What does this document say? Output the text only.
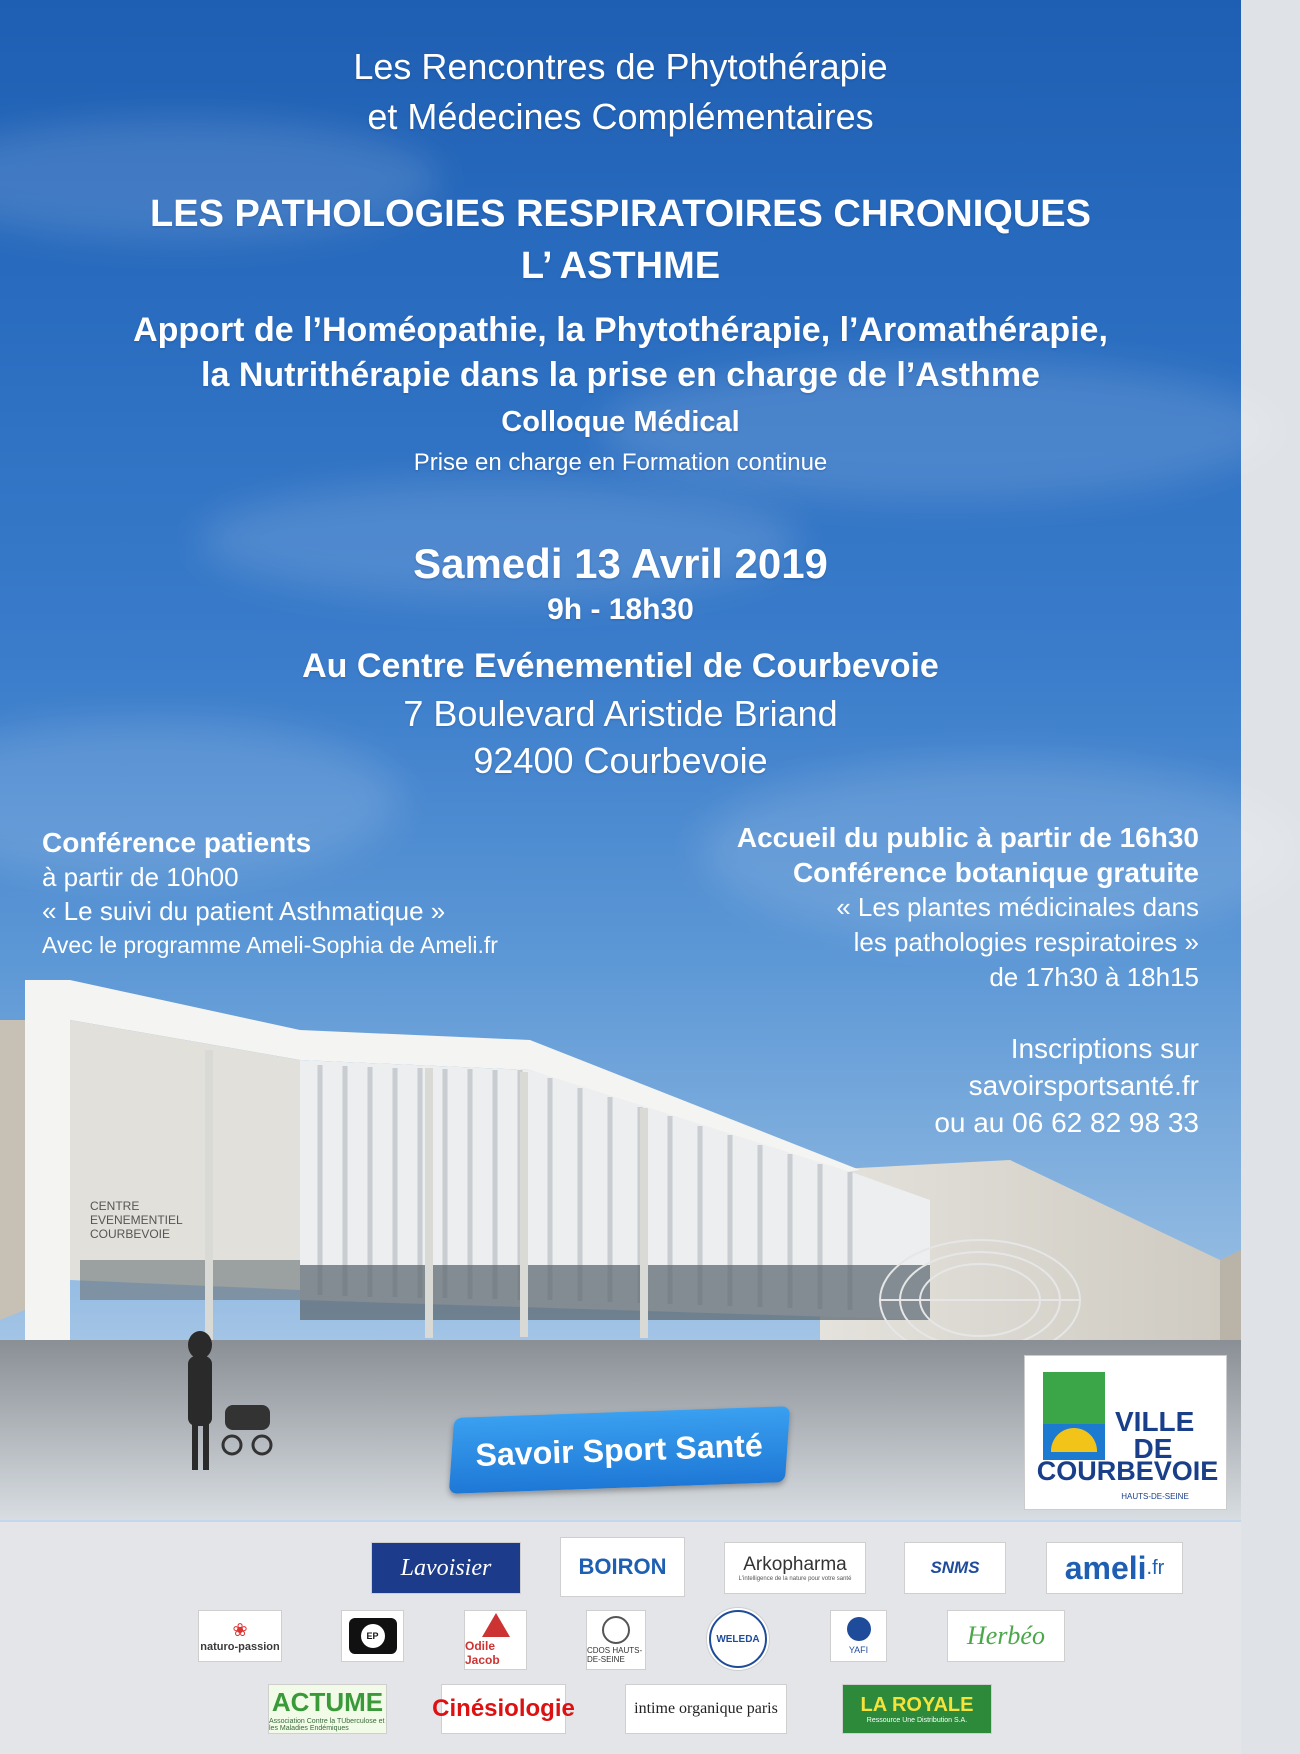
Les Rencontres de Phytothérapie
et Médecines Complémentaires
LES PATHOLOGIES RESPIRATOIRES CHRONIQUES
L’ ASTHME
Apport de l’Homéopathie, la Phytothérapie, l’Aromathérapie,
la Nutrithérapie dans la prise en charge de l’Asthme
Colloque Médical
Prise en charge en Formation continue
Samedi 13 Avril 2019
9h - 18h30
Au Centre Evénementiel de Courbevoie
7 Boulevard Aristide Briand
92400 Courbevoie
Conférence patients
à partir de 10h00
« Le suivi du patient Asthmatique »
Avec le programme Ameli-Sophia de Ameli.fr
Accueil du public à partir de 16h30
Conférence botanique gratuite
« Les plantes médicinales dans
les pathologies respiratoires »
de 17h30 à 18h15
Inscriptions sur
savoirsportsanté.fr
ou au 06 62 82 98 33
CENTRE
EVENEMENTIEL
COURBEVOIE
Savoir Sport Santé
VILLE
DE
COURBEVOIE
HAUTS-DE-SEINE
Lavoisier	BOIRON	Arkopharma
L'intelligence de la nature pour votre santé
SNMS	ameli .fr
❀
naturo-passion
EP
Odile Jacob
CDOS HAUTS-DE-SEINE
WELEDA
YAFI	Herbéo
ACTUME
Association Contre la TUberculose et les Maladies Endémiques
Cinésiologie	intime organique paris	LA ROYALE
Ressource Une Distribution S.A.
